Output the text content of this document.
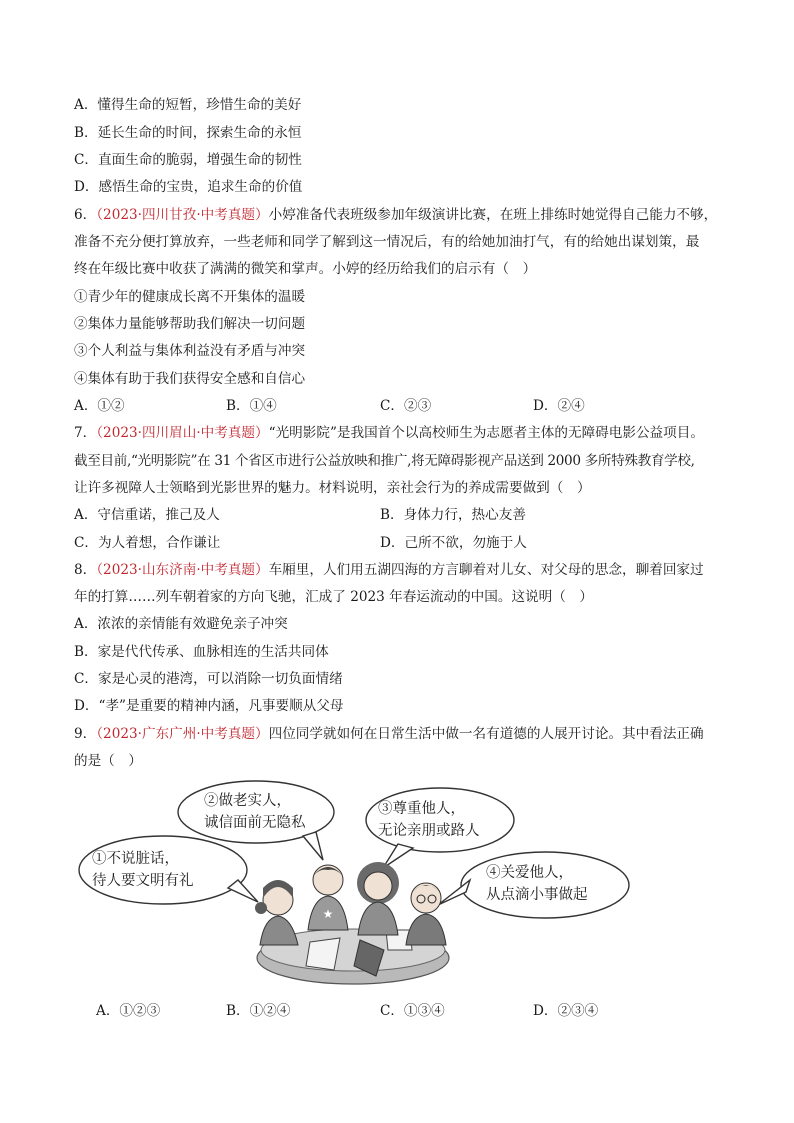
A．懂得生命的短暂，珍惜生命的美好
B．延长生命的时间，探索生命的永恒
C．直面生命的脆弱，增强生命的韧性
D．感悟生命的宝贵，追求生命的价值
6．（2023·四川甘孜·中考真题）小婷准备代表班级参加年级演讲比赛，在班上排练时她觉得自己能力不够，
准备不充分便打算放弃，一些老师和同学了解到这一情况后，有的给她加油打气，有的给她出谋划策，最
终在年级比赛中收获了满满的微笑和掌声。小婷的经历给我们的启示有（　）
①青少年的健康成长离不开集体的温暖
②集体力量能够帮助我们解决一切问题
③个人利益与集体利益没有矛盾与冲突
④集体有助于我们获得安全感和自信心
A．①②	B．①④	C．②③	D．②④
7．（2023·四川眉山·中考真题）“光明影院”是我国首个以高校师生为志愿者主体的无障碍电影公益项目。
截至目前,“光明影院”在 31 个省区市进行公益放映和推广,将无障碍影视产品送到 2000 多所特殊教育学校,
让许多视障人士领略到光影世界的魅力。材料说明，亲社会行为的养成需要做到（　）
A．守信重诺，推己及人	B．身体力行，热心友善
C．为人着想，合作谦让	D．己所不欲，勿施于人
8．（2023·山东济南·中考真题）车厢里，人们用五湖四海的方言聊着对儿女、对父母的思念，聊着回家过
年的打算……列车朝着家的方向飞驰，汇成了 2023 年春运流动的中国。这说明（　）
A．浓浓的亲情能有效避免亲子冲突
B．家是代代传承、血脉相连的生活共同体
C．家是心灵的港湾，可以消除一切负面情绪
D．“孝”是重要的精神内涵，凡事要顺从父母
9．（2023·广东广州·中考真题）四位同学就如何在日常生活中做一名有道德的人展开讨论。其中看法正确
的是（　）
★
①不说脏话，
待人要文明有礼
②做老实人，
诚信面前无隐私
③尊重他人，
无论亲朋或路人
④关爱他人，
从点滴小事做起
A．①②③	B．①②④	C．①③④	D．②③④
